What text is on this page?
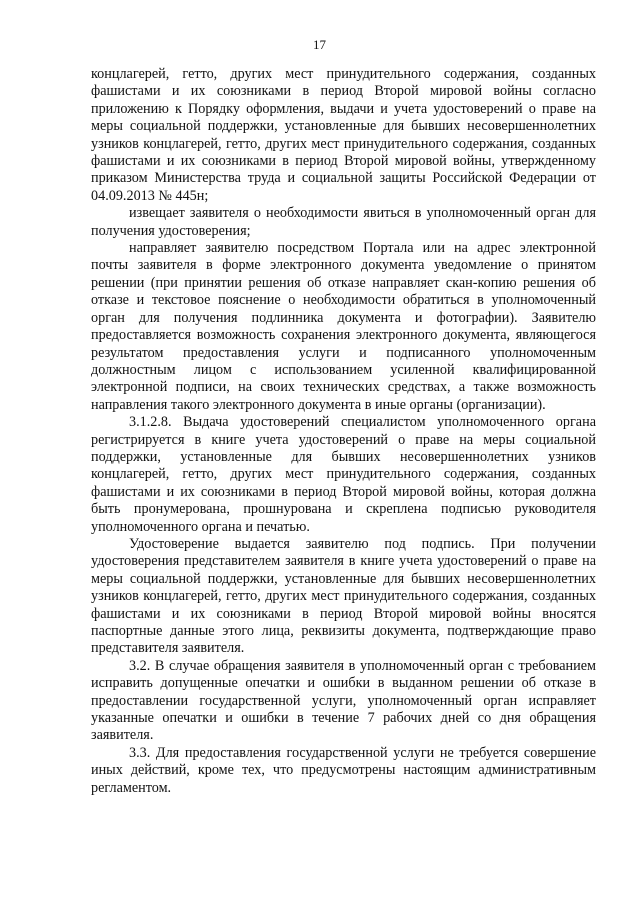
17

концлагерей, гетто, других мест принудительного содержания, созданных фашистами и их союзниками в период Второй мировой войны согласно приложению к Порядку оформления, выдачи и учета удостоверений о праве на меры социальной поддержки, установленные для бывших несовершеннолетних узников концлагерей, гетто, других мест принудительного содержания, созданных фашистами и их союзниками в период Второй мировой войны, утвержденному приказом Министерства труда и социальной защиты Российской Федерации от 04.09.2013 № 445н;

извещает заявителя о необходимости явиться в уполномоченный орган для получения удостоверения;

направляет заявителю посредством Портала или на адрес электронной почты заявителя в форме электронного документа уведомление о принятом решении (при принятии решения об отказе направляет скан-копию решения об отказе и текстовое пояснение о необходимости обратиться в уполномоченный орган для получения подлинника документа и фотографии). Заявителю предоставляется возможность сохранения электронного документа, являющегося результатом предоставления услуги и подписанного уполномоченным должностным лицом с использованием усиленной квалифицированной электронной подписи, на своих технических средствах, а также возможность направления такого электронного документа в иные органы (организации).

3.1.2.8. Выдача удостоверений специалистом уполномоченного органа регистрируется в книге учета удостоверений о праве на меры социальной поддержки, установленные для бывших несовершеннолетних узников концлагерей, гетто, других мест принудительного содержания, созданных фашистами и их союзниками в период Второй мировой войны, которая должна быть пронумерована, прошнурована и скреплена подписью руководителя уполномоченного органа и печатью.

Удостоверение выдается заявителю под подпись. При получении удостоверения представителем заявителя в книге учета удостоверений о праве на меры социальной поддержки, установленные для бывших несовершеннолетних узников концлагерей, гетто, других мест принудительного содержания, созданных фашистами и их союзниками в период Второй мировой войны вносятся паспортные данные этого лица, реквизиты документа, подтверждающие право представителя заявителя.

3.2. В случае обращения заявителя в уполномоченный орган с требованием исправить допущенные опечатки и ошибки в выданном решении об отказе в предоставлении государственной услуги, уполномоченный орган исправляет указанные опечатки и ошибки в течение 7 рабочих дней со дня обращения заявителя.

3.3. Для предоставления государственной услуги не требуется совершение иных действий, кроме тех, что предусмотрены настоящим административным регламентом.
